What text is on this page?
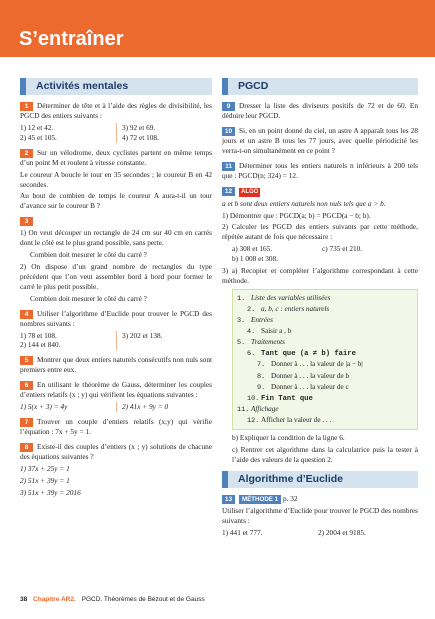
S’entraîner
Activités mentales

1 Déterminer de tête et à l’aide des règles de divisibilité, les PGCD des entiers suivants :

1) 12 et 42.
2) 45 et 105.
3) 92 et 69.
4) 72 et 108.

2 Sur un vélodrome, deux cyclistes partent en même temps d’un point M et roulent à vitesse constante.

Le coureur A boucle le tour en 35 secondes ; le coureur B en 42 secondes.

Au bout de combien de temps le coureur A aura-t-il un tour d’avance sur le coureur B ?

3

1) On veut découper un rectangle de 24 cm sur 40 cm en carrés dont le côté est le plus grand possible, sans perte.

Combien doit mesurer le côté du carré ?

2) On dispose d’un grand nombre de rectangles du type précédent que l’on veut assembler bord à bord pour former le carré le plus petit possible.

Combien doit mesurer le côté du carré ?

4 Utiliser l’algorithme d’Euclide pour trouver le PGCD des nombres suivants :

1) 78 et 108.
2) 144 et 840.
3) 202 et 138.

5 Montrer que deux entiers naturels consécutifs non nuls sont premiers entre eux.

6 En utilisant le théorème de Gauss, déterminer les couples d’entiers relatifs (x ; y) qui vérifient les équations suivantes :

1) 5(x + 3) = 4y	2) 41x + 9y = 0

7 Trouver un couple d’entiers relatifs (x;y) qui vérifie l’équation : 7x + 5y = 1.

8 Existe-il des couples d’entiers (x ; y) solutions de chacune des équations suivantes ?

1) 37x + 25y = 1

2) 51x + 39y = 1

3) 51x + 39y = 2016

PGCD

9 Dresser la liste des diviseurs positifs de 72 et de 60. En déduire leur PGCD.

10 Si, en un point donné du ciel, un astre A apparaît tous les 28 jours et un astre B tous les 77 jours, avec quelle périodicité les verra-t-on simultanément en ce point ?

11 Déterminer tous les entiers naturels n inférieurs à 200 tels que : PGCD(n; 324) = 12.

12 ALGO

a et b sont deux entiers naturels non nuls tels que a > b.

1) Démontrer que : PGCD(a; b) = PGCD(a − b; b).

2) Calculer les PGCD des entiers suivants par cette méthode, répétée autant de fois que nécessaire :

a) 308 et 165.	c) 735 et 210.

b) 1 008 et 308.

3) a) Recopier et compléter l’algorithme correspondant à cette méthode.

1. Liste des variables utilisées
2. a, b, c : entiers naturels
3. Entrées
4. Saisir a , b
5. Traitements
6. Tant que (a ≠ b) faire
7. Donner à . . . la valeur de |a − b|
8. Donner à . . . la valeur de b
9. Donner à . . . la valeur de c
10. Fin Tant que
11. Affichage
12. Afficher la valeur de . . .

b) Expliquer la condition de la ligne 6.

c) Rentrer cet algorithme dans la calculatrice puis la tester à l’aide des valeurs de la question 2.

Algorithme d’Euclide

13 MÉTHODE 1 p. 32

Utiliser l’algorithme d’Euclide pour trouver le PGCD des nombres suivants :

1) 441 et 777.	2) 2004 et 9185.
38 Chapitre AR2. PGCD. Théorèmes de Bézout et de Gauss
